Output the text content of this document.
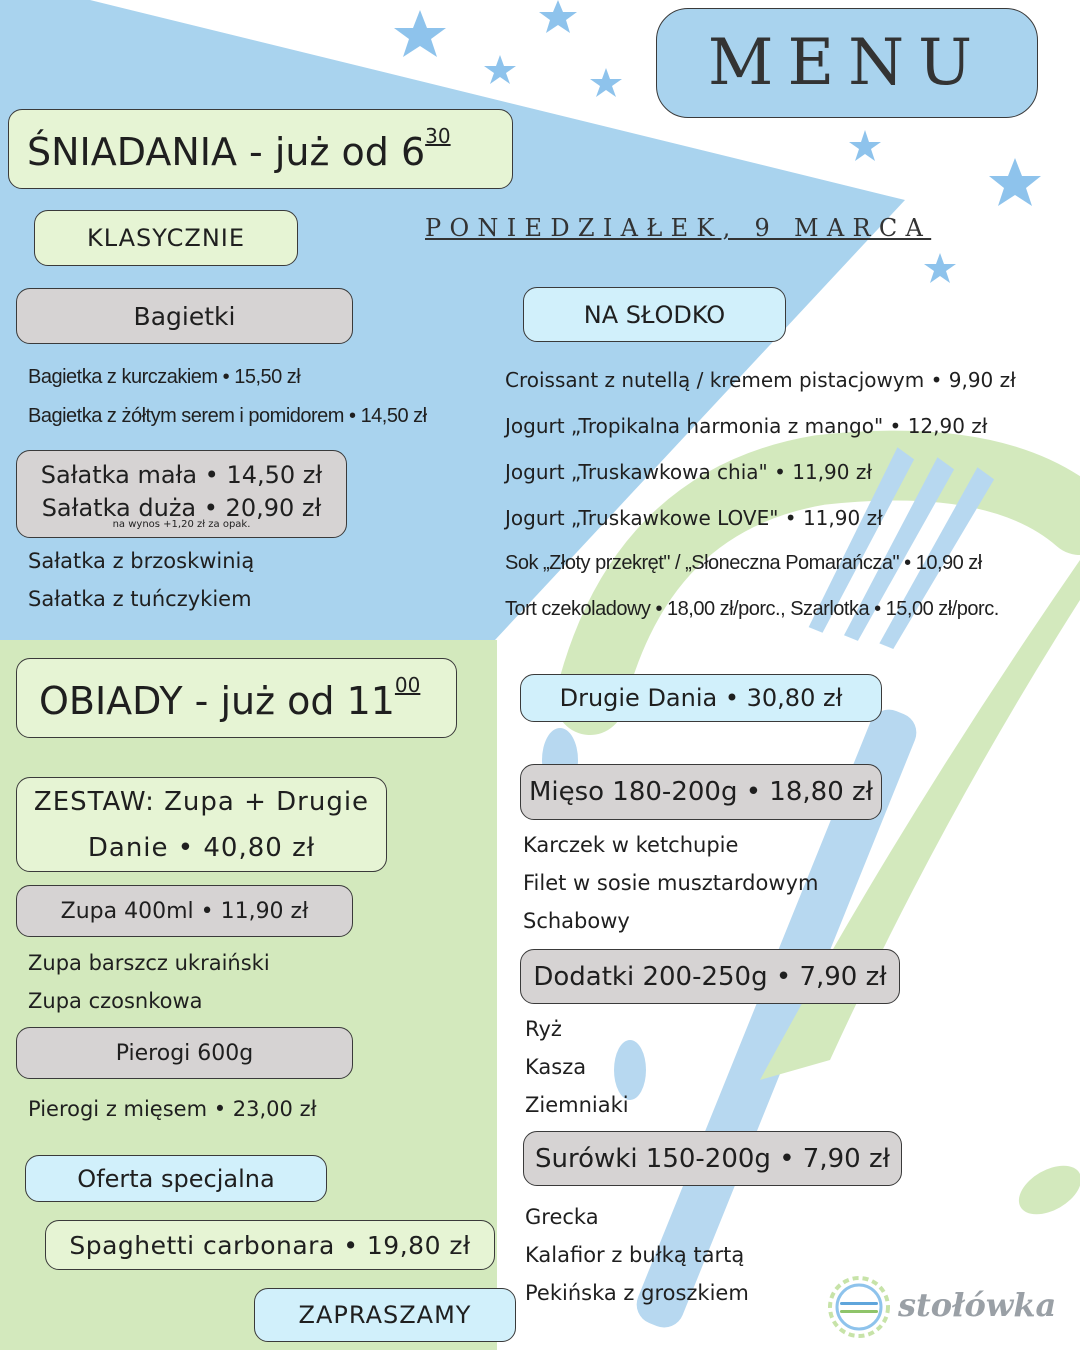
MENU
PONIEDZIAŁEK, 9 MARCA
ŚNIADANIA - już od $6^{30}$
KLASYCZNIE
Bagietki
Bagietka z kurczakiem • 15,50 zł
Bagietka z żółtym serem i pomidorem • 14,50 zł
Sałatka mała • 14,50 zł
Sałatka duża • 20,90 zł
na wynos +1,20 zł za opak.
Sałatka z brzoskwinią
Sałatka z tuńczykiem
NA SŁODKO
Croissant z nutellą / kremem pistacjowym • 9,90 zł
Jogurt „Tropikalna harmonia z mango" • 12,90 zł
Jogurt „Truskawkowa chia" • 11,90 zł
Jogurt „Truskawkowe LOVE" • 11,90 zł
Sok „Złoty przekręt" / „Słoneczna Pomarańcza" • 10,90 zł
Tort czekoladowy • 18,00 zł/porc., Szarlotka • 15,00 zł/porc.
OBIADY - już od $11^{00}$
ZESTAW: Zupa + Drugie
Danie • 40,80 zł
Zupa 400ml • 11,90 zł
Zupa barszcz ukraiński
Zupa czosnkowa
Pierogi 600g
Pierogi z mięsem • 23,00 zł
Oferta specjalna
Spaghetti carbonara • 19,80 zł
ZAPRASZAMY
Drugie Dania • 30,80 zł
Mięso 180-200g • 18,80 zł
Karczek w ketchupie
Filet w sosie musztardowym
Schabowy
Dodatki 200-250g • 7,90 zł
Ryż
Kasza
Ziemniaki
Surówki 150-200g • 7,90 zł
Grecka
Kalafior z bułką tartą
Pekińska z groszkiem	stołówka
